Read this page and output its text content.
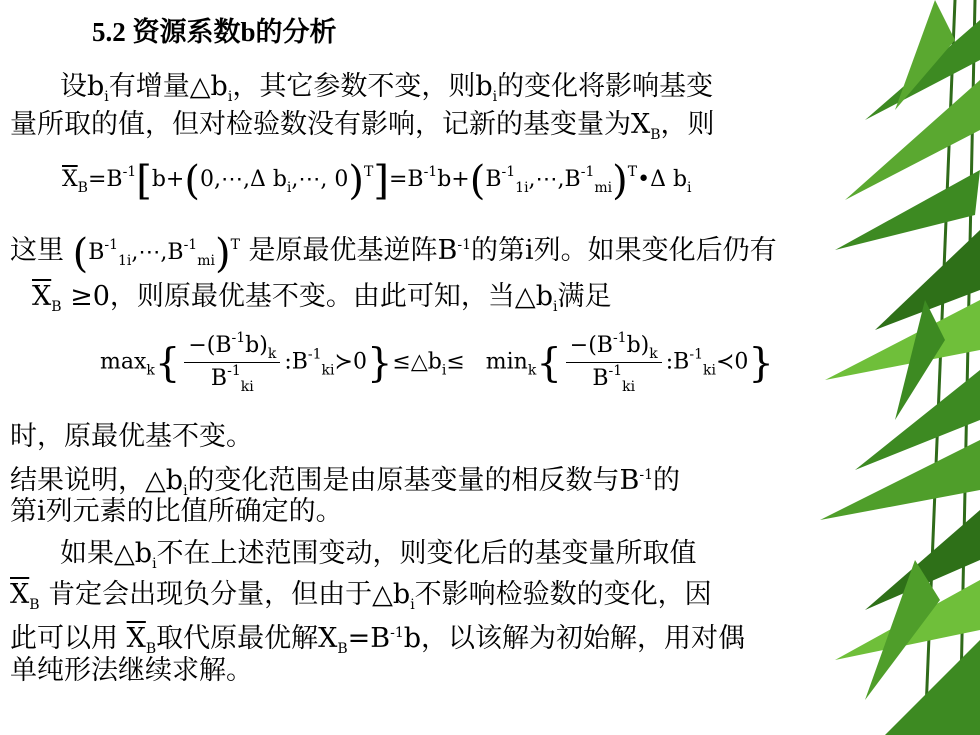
5.2 资源系数b的分析
设$b_i$有增量$\triangle b_i$，其它参数不变，则$b_i$的变化将影响基变
量所取的值，但对检验数没有影响，记新的基变量为$X_B$，则
$\overline{X}_B=B^{-1}[b+(0,\cdots,\Delta$ $b_i,\cdots$, $0)^T]=B^{-1}b+(B^{-1}_{1i},\cdots,B^{-1}_{mi})^T•\Delta$ $b_i$
这里 $(B^{-1}_{1i},\cdots,B^{-1}_{mi})^T$ 是原最优基逆阵$B^{-1}$的第i列。如果变化后仍有
$\overline{X}_B \ge 0$，则原最优基不变。由此可知，当$\triangle b_i$满足
$\max_k\{ \frac{-(B^{-1}b)_k}{B^{-1}_{ki}}$ $:B^{-1}_{ki}≻0\}\le\triangle b_i\le \min_k\{ \frac{-(B^{-1}b)_k}{B^{-1}_{ki}}$ $:B^{-1}_{ki}≺0$}
时，原最优基不变。
结果说明，$\triangle b_i$的变化范围是由原基变量的相反数与$B^{-1}$的
第i列元素的比值所确定的。
如果$\triangle b_i$不在上述范围变动，则变化后的基变量所取值
$\overline{X}_B$ 肯定会出现负分量，但由于$\triangle b_i$不影响检验数的变化，因
此可以用 $\overline{X}_B$取代原最优解$X_B=B^{-1}b$，以该解为初始解，用对偶
单纯形法继续求解。
